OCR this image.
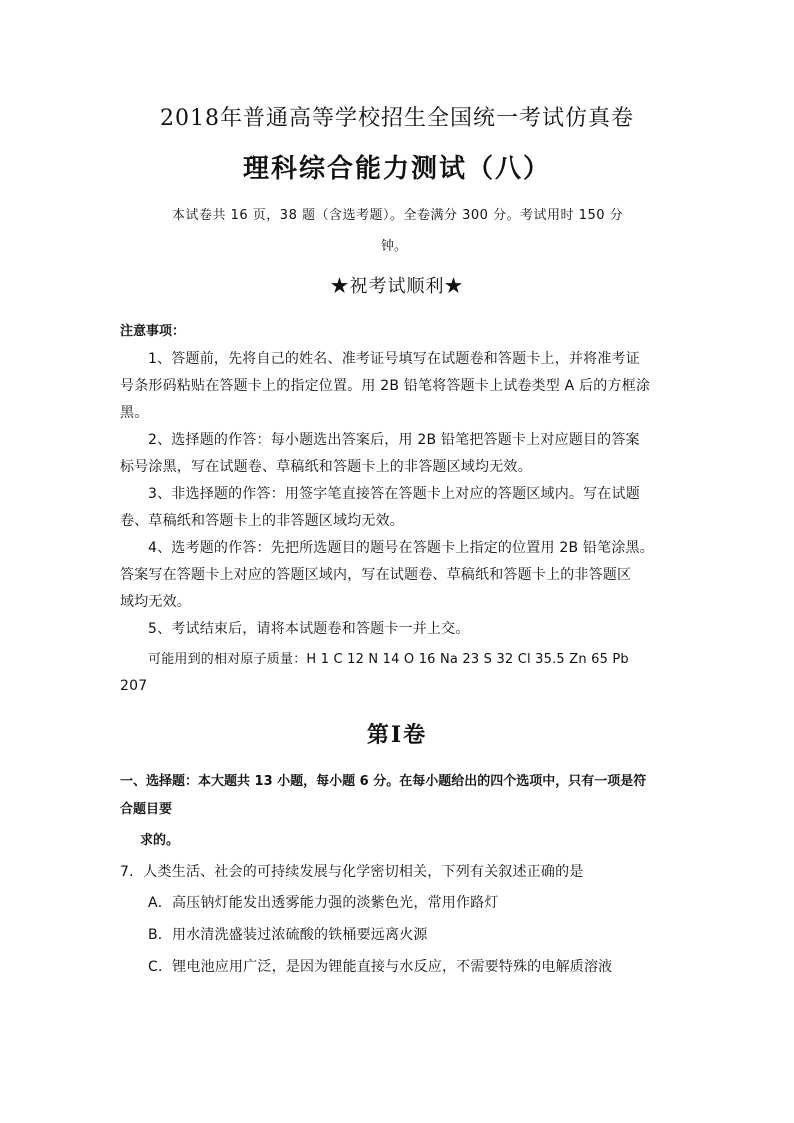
2018年普通高等学校招生全国统一考试仿真卷
理科综合能力测试（八）
本试卷共 16 页，38 题（含选考题）。全卷满分 300 分。考试用时 150 分
钟。
★祝考试顺利★
注意事项：
1、答题前，先将自己的姓名、准考证号填写在试题卷和答题卡上，并将准考证
号条形码粘贴在答题卡上的指定位置。用 2B 铅笔将答题卡上试卷类型 A 后的方框涂
黑。
2、选择题的作答：每小题选出答案后，用 2B 铅笔把答题卡上对应题目的答案
标号涂黑，写在试题卷、草稿纸和答题卡上的非答题区域均无效。
3、非选择题的作答：用签字笔直接答在答题卡上对应的答题区域内。写在试题
卷、草稿纸和答题卡上的非答题区域均无效。
4、选考题的作答：先把所选题目的题号在答题卡上指定的位置用 2B 铅笔涂黑。
答案写在答题卡上对应的答题区域内，写在试题卷、草稿纸和答题卡上的非答题区
域均无效。
5、考试结束后，请将本试题卷和答题卡一并上交。
可能用到的相对原子质量：H 1 C 12 N 14 O 16 Na 23 S 32 Cl 35.5 Zn 65 Pb
207
第Ⅰ卷
一、选择题：本大题共 13 小题，每小题 6 分。在每小题给出的四个选项中，只有一项是符
合题目要
求的。
7．人类生活、社会的可持续发展与化学密切相关，下列有关叙述正确的是
A．高压钠灯能发出透雾能力强的淡紫色光，常用作路灯
B．用水清洗盛装过浓硫酸的铁桶要远离火源
C．锂电池应用广泛，是因为锂能直接与水反应，不需要特殊的电解质溶液
